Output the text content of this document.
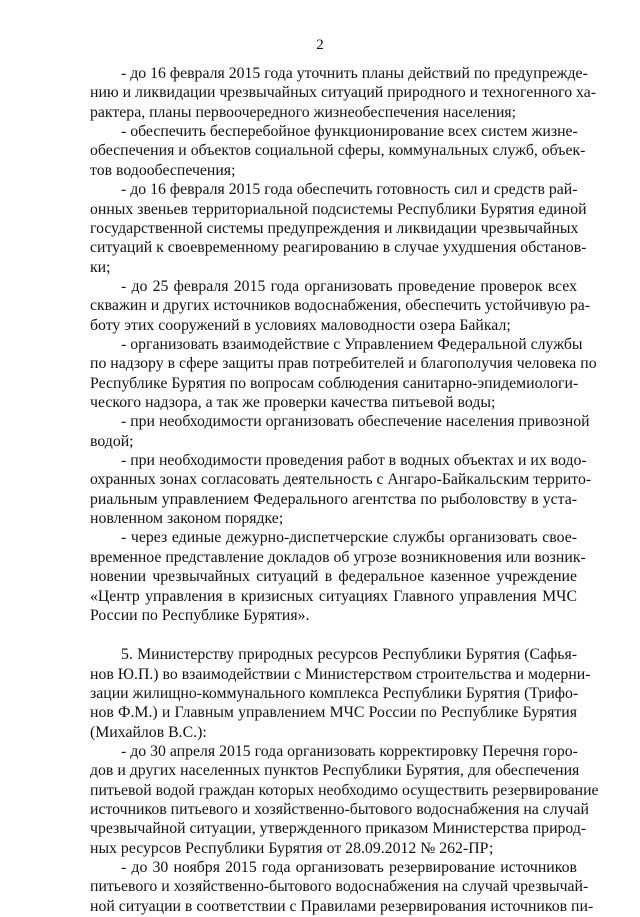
2
- до 16 февраля 2015 года уточнить планы действий по предупрежде-
нию и ликвидации чрезвычайных ситуаций природного и техногенного ха-
рактера, планы первоочередного жизнеобеспечения населения;
- обеспечить бесперебойное функционирование всех систем жизне-
обеспечения и объектов социальной сферы, коммунальных служб, объек-
тов водообеспечения;
- до 16 февраля 2015 года обеспечить готовность сил и средств рай-
онных звеньев территориальной подсистемы Республики Бурятия единой
государственной системы предупреждения и ликвидации чрезвычайных
ситуаций к своевременному реагированию в случае ухудшения обстанов-
ки;
- до 25 февраля 2015 года организовать проведение проверок всех
скважин и других источников водоснабжения, обеспечить устойчивую ра-
боту этих сооружений в условиях маловодности озера Байкал;
- организовать взаимодействие с Управлением Федеральной службы
по надзору в сфере защиты прав потребителей и благополучия человека по
Республике Бурятия по вопросам соблюдения санитарно-эпидемиологи-
ческого надзора, а так же проверки качества питьевой воды;
- при необходимости организовать обеспечение населения привозной
водой;
- при необходимости проведения работ в водных объектах и их водо-
охранных зонах согласовать деятельность с Ангаро-Байкальским террито-
риальным управлением Федерального агентства по рыболовству в уста-
новленном законом порядке;
- через единые дежурно-диспетчерские службы организовать свое-
временное представление докладов об угрозе возникновения или возник-
новении чрезвычайных ситуаций в федеральное казенное учреждение
«Центр управления в кризисных ситуациях Главного управления МЧС
России по Республике Бурятия».
5. Министерству природных ресурсов Республики Бурятия (Сафья-
нов Ю.П.) во взаимодействии с Министерством строительства и модерни-
зации жилищно-коммунального комплекса Республики Бурятия (Трифо-
нов Ф.М.) и Главным управлением МЧС России по Республике Бурятия
(Михайлов В.С.):
- до 30 апреля 2015 года организовать корректировку Перечня горо-
дов и других населенных пунктов Республики Бурятия, для обеспечения
питьевой водой граждан которых необходимо осуществить резервирование
источников питьевого и хозяйственно-бытового водоснабжения на случай
чрезвычайной ситуации, утвержденного приказом Министерства природ-
ных ресурсов Республики Бурятия от 28.09.2012 № 262-ПР;
- до 30 ноября 2015 года организовать резервирование источников
питьевого и хозяйственно-бытового водоснабжения на случай чрезвычай-
ной ситуации в соответствии с Правилами резервирования источников пи-
